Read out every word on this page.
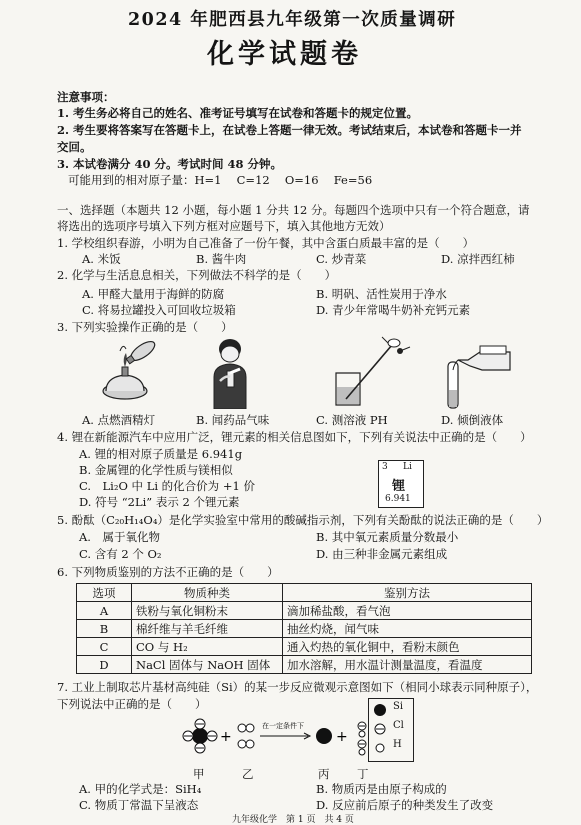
2024 年肥西县九年级第一次质量调研
化学试题卷
注意事项：
1. 考生务必将自己的姓名、准考证号填写在试卷和答题卡的规定位置。
2. 考生要将答案写在答题卡上，在试卷上答题一律无效。考试结束后，本试卷和答题卡一并
交回。
3. 本试卷满分 40 分。考试时间 48 分钟。
可能用到的相对原子量：H=1　 C=12　 O=16　 Fe=56
一、选择题（本题共 12 小题，每小题 1 分共 12 分。每题四个选项中只有一个符合题意，请
将选出的选项序号填入下列方框对应题号下，填入其他地方无效）
1. 学校组织春游，小明为自己准备了一份午餐，其中含蛋白质最丰富的是（　　）
A. 米饭	B. 酱牛肉	C. 炒青菜	D. 凉拌西红柿
2. 化学与生活息息相关，下列做法不科学的是（　　）
A. 甲醛大量用于海鲜的防腐	B. 明矾、活性炭用于净水
C. 将易拉罐投入可回收垃圾箱	D. 青少年常喝牛奶补充钙元素
3. 下列实验操作正确的是（　　）
A. 点燃酒精灯	B. 闻药品气味	C. 测溶液 PH	D. 倾倒液体
4. 锂在新能源汽车中应用广泛，锂元素的相关信息图如下，下列有关说法中正确的是（　　）
A. 锂的相对原子质量是 6.941g
B. 金属锂的化学性质与镁相似
C.　Li₂O 中 Li 的化合价为 +1 价
D. 符号 “2Li” 表示 2 个锂元素
3 Li
锂
6.941
5. 酚酞（C₂₀H₁₄O₄）是化学实验室中常用的酸碱指示剂，下列有关酚酞的说法正确的是（　　）
A.　属于氧化物	B. 其中氧元素质量分数最小
C. 含有 2 个 O₂	D. 由三种非金属元素组成
6. 下列物质鉴别的方法不正确的是（　　）
选项	物质种类	鉴别方法
A	铁粉与氧化铜粉末	滴加稀盐酸，看气泡
B	棉纤维与羊毛纤维	抽丝灼烧，闻气味
C	CO 与 H₂	通入灼热的氧化铜中，看粉末颜色
D	NaCl 固体与 NaOH 固体	加水溶解，用水温计测量温度，看温度
7. 工业上制取芯片基材高纯硅（Si）的某一步反应微观示意图如下（相同小球表示同种原子），
下列说法中正确的是（　　）
+
在一定条件下
+
Si
Cl
H
甲	乙	丙 丁
A. 甲的化学式是：SiH₄	B. 物质丙是由原子构成的
C. 物质丁常温下呈液态	D. 反应前后原子的种类发生了改变
九年级化学　第 1 页　共 4 页
